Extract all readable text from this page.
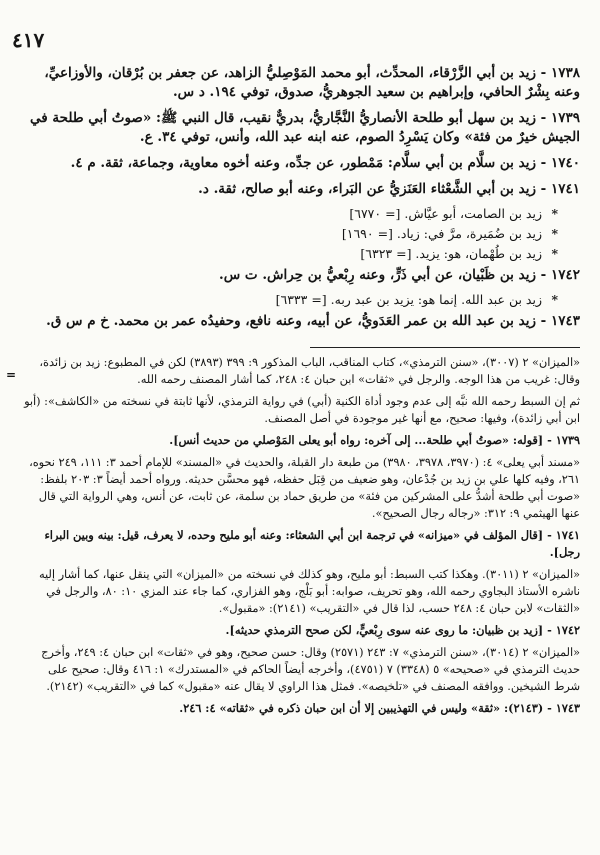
٤١٧
١٧٣٨ - زيد بن أبي الزَّرْقاء، المحدِّث، أبو محمد المَوْصِليُّ الزاهد، عن جعفر بن بُرْقان، والأوزاعيِّ، وعنه بِشْرٌ الحافي، وإبراهيم بن سعيد الجوهريُّ، صدوق، توفي ١٩٤. د س.
١٧٣٩ - زيد بن سهل أبو طلحة الأنصاريُّ النَّجَّاريُّ، بدريٌّ نقيب، قال النبي ﷺ: «صوتُ أبي طلحة في الجيش خيرٌ من فئة» وكان يَسْرِدُ الصوم، عنه ابنه عبد الله، وأنس، توفي ٣٤. ع.
١٧٤٠ - زيد بن سلَّام بن أبي سلَّام: مَمْطور، عن جدِّه، وعنه أخوه معاوية، وجماعة، ثقة. م ٤.
١٧٤١ - زيد بن أبي الشَّعْثاء العَنَزيُّ عن البَراء، وعنه أبو صالح، ثقة. د.
*زيد بن الصامت، أبو عيَّاش. [= ٦٧٧٠]
*زيد بن ضُمَيرة، مرَّ في: زياد. [= ١٦٩٠]
*زيد بن طُهْمان، هو: يزيد. [= ٦٣٢٣]
١٧٤٢ - زيد بن ظَبْيان، عن أبي ذَرٍّ، وعنه رِبْعيُّ بن حِراش. ت س.
*زيد بن عبد الله. إنما هو: يزيد بن عبد ربه. [= ٦٣٣٣]
١٧٤٣ - زيد بن عبد الله بن عمر العَدَويُّ، عن أبيه، وعنه نافع، وحفيدُه عمر بن محمد. خ م س ق.
=
«الميزان» ٢ (٣٠٠٧)، «سنن الترمذي»، كتاب المناقب، الباب المذكور ٩: ٣٩٩ (٣٨٩٣) لكن في المطبوع: زيد بن زائدة، وقال: غريب من هذا الوجه. والرجل في «ثقات» ابن حبان ٤: ٢٤٨، كما أشار المصنف رحمه الله.
ثم إن السبط رحمه الله نبَّه إلى عدم وجود أداة الكنية (أبي) في رواية الترمذي، لأنها ثابتة في نسخته من «الكاشف»: (أبو ابن أبي زائدة)، وفيها: صحيح، مع أنها غير موجودة في أصل المصنف.
١٧٣٩ - [قوله: «صوتُ أبي طلحة... إلى آخره: رواه أبو يعلى المَوْصلي من حديث أنس].
«مسند أبي يعلى» ٤: (٣٩٧٠، ٣٩٧٨، ٣٩٨٠) من طبعة دار القبلة، والحديث في «المسند» للإمام أحمد ٣: ١١١، ٢٤٩ نحوه، ٢٦١، وفيه كلها علي بن زيد بن جُدْعان، وهو ضعيف من قِبَل حفظه، فهو محسَّن حديثه. ورواه أحمد أيضاً ٣: ٢٠٣ بلفظ: «صوت أبي طلحة أشدُّ على المشركين من فئة» من طريق حماد بن سلمة، عن ثابت، عن أنس، وهي الرواية التي قال عنها الهيثمي ٩: ٣١٢: «رجاله رجال الصحيح».
١٧٤١ - [قال المؤلف في «ميزانه» في ترجمة ابن أبي الشعثاء: وعنه أبو مليح وحده، لا يعرف، قيل: بينه وبين البراء رجل].
«الميزان» ٢ (٣٠١١). وهكذا كتب السبط: أبو مليح، وهو كذلك في نسخته من «الميزان» التي ينقل عنها، كما أشار إليه ناشره الأستاذ البجاوي رحمه الله، وهو تحريف، صوابه: أبو بَلْج، وهو الفزاري، كما جاء عند المزي ١٠: ٨٠، والرجل في «الثقات» لابن حبان ٤: ٢٤٨ حسب، لذا قال في «التقريب» (٢١٤١): «مقبول».
١٧٤٢ - [زيد بن ظبيان: ما روى عنه سوى رِبْعيٍّ، لكن صحح الترمذي حديثه].
«الميزان» ٢ (٣٠١٤)، «سنن الترمذي» ٧: ٢٤٣ (٢٥٧١) وقال: حسن صحيح، وهو في «ثقات» ابن حبان ٤: ٢٤٩، وأخرج حديث الترمذي في «صحيحه» ٥ (٣٣٤٨) ٧ (٤٧٥١)، وأخرجه أيضاً الحاكم في «المستدرك» ١: ٤١٦ وقال: صحيح على شرط الشيخين. ووافقه المصنف في «تلخيصه». فمثل هذا الراوي لا يقال عنه «مقبول» كما في «التقريب» (٢١٤٢).
١٧٤٣ - (٢١٤٣): «ثقة» وليس في التهذيبين إلا أن ابن حبان ذكره في «ثقاته» ٤: ٢٤٦.
